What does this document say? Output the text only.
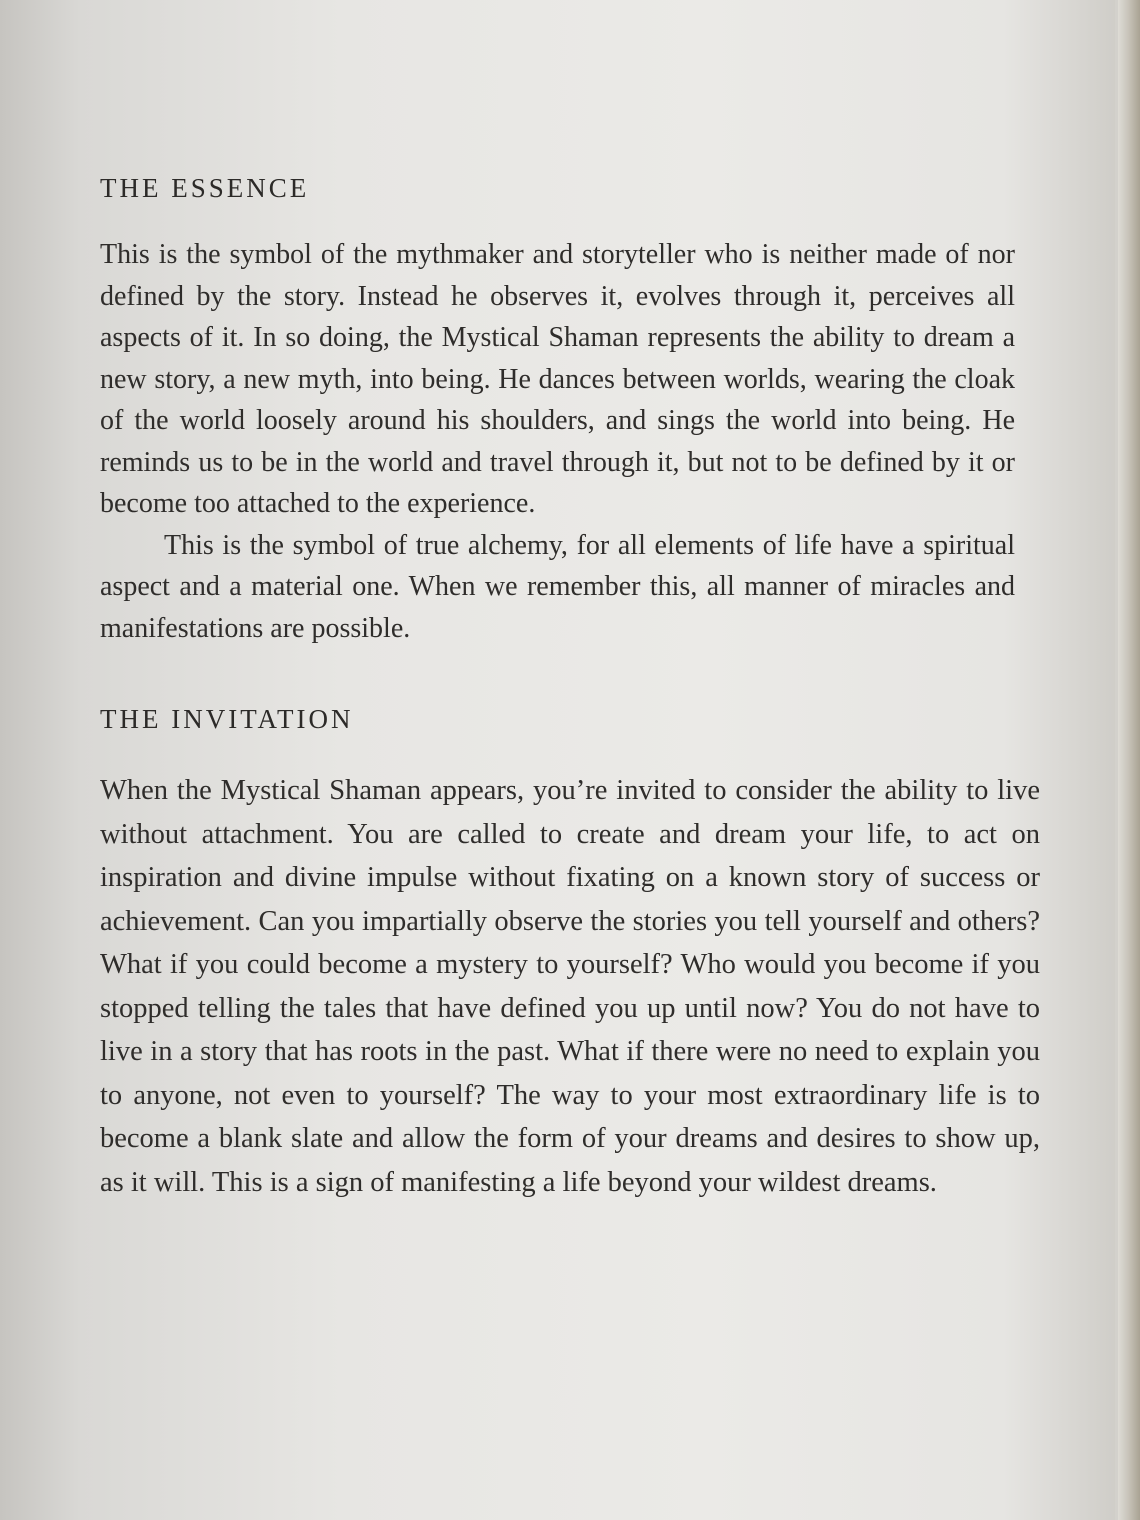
THE ESSENCE

This is the symbol of the mythmaker and storyteller who is neither made of nor defined by the story. Instead he observes it, evolves through it, perceives all aspects of it. In so doing, the Mystical Shaman represents the ability to dream a new story, a new myth, into being. He dances between worlds, wearing the cloak of the world loosely around his shoulders, and sings the world into being. He reminds us to be in the world and travel through it, but not to be defined by it or become too attached to the experience.

This is the symbol of true alchemy, for all elements of life have a spiritual aspect and a material one. When we remember this, all manner of miracles and manifestations are possible.

THE INVITATION

When the Mystical Shaman appears, you’re invited to consider the ability to live without attachment. You are called to create and dream your life, to act on inspiration and divine impulse without fixating on a known story of success or achievement. Can you impartially observe the stories you tell yourself and others? What if you could become a mystery to yourself? Who would you become if you stopped telling the tales that have defined you up until now? You do not have to live in a story that has roots in the past. What if there were no need to explain you to anyone, not even to yourself? The way to your most extraordinary life is to become a blank slate and allow the form of your dreams and desires to show up, as it will. This is a sign of manifesting a life beyond your wildest dreams.
